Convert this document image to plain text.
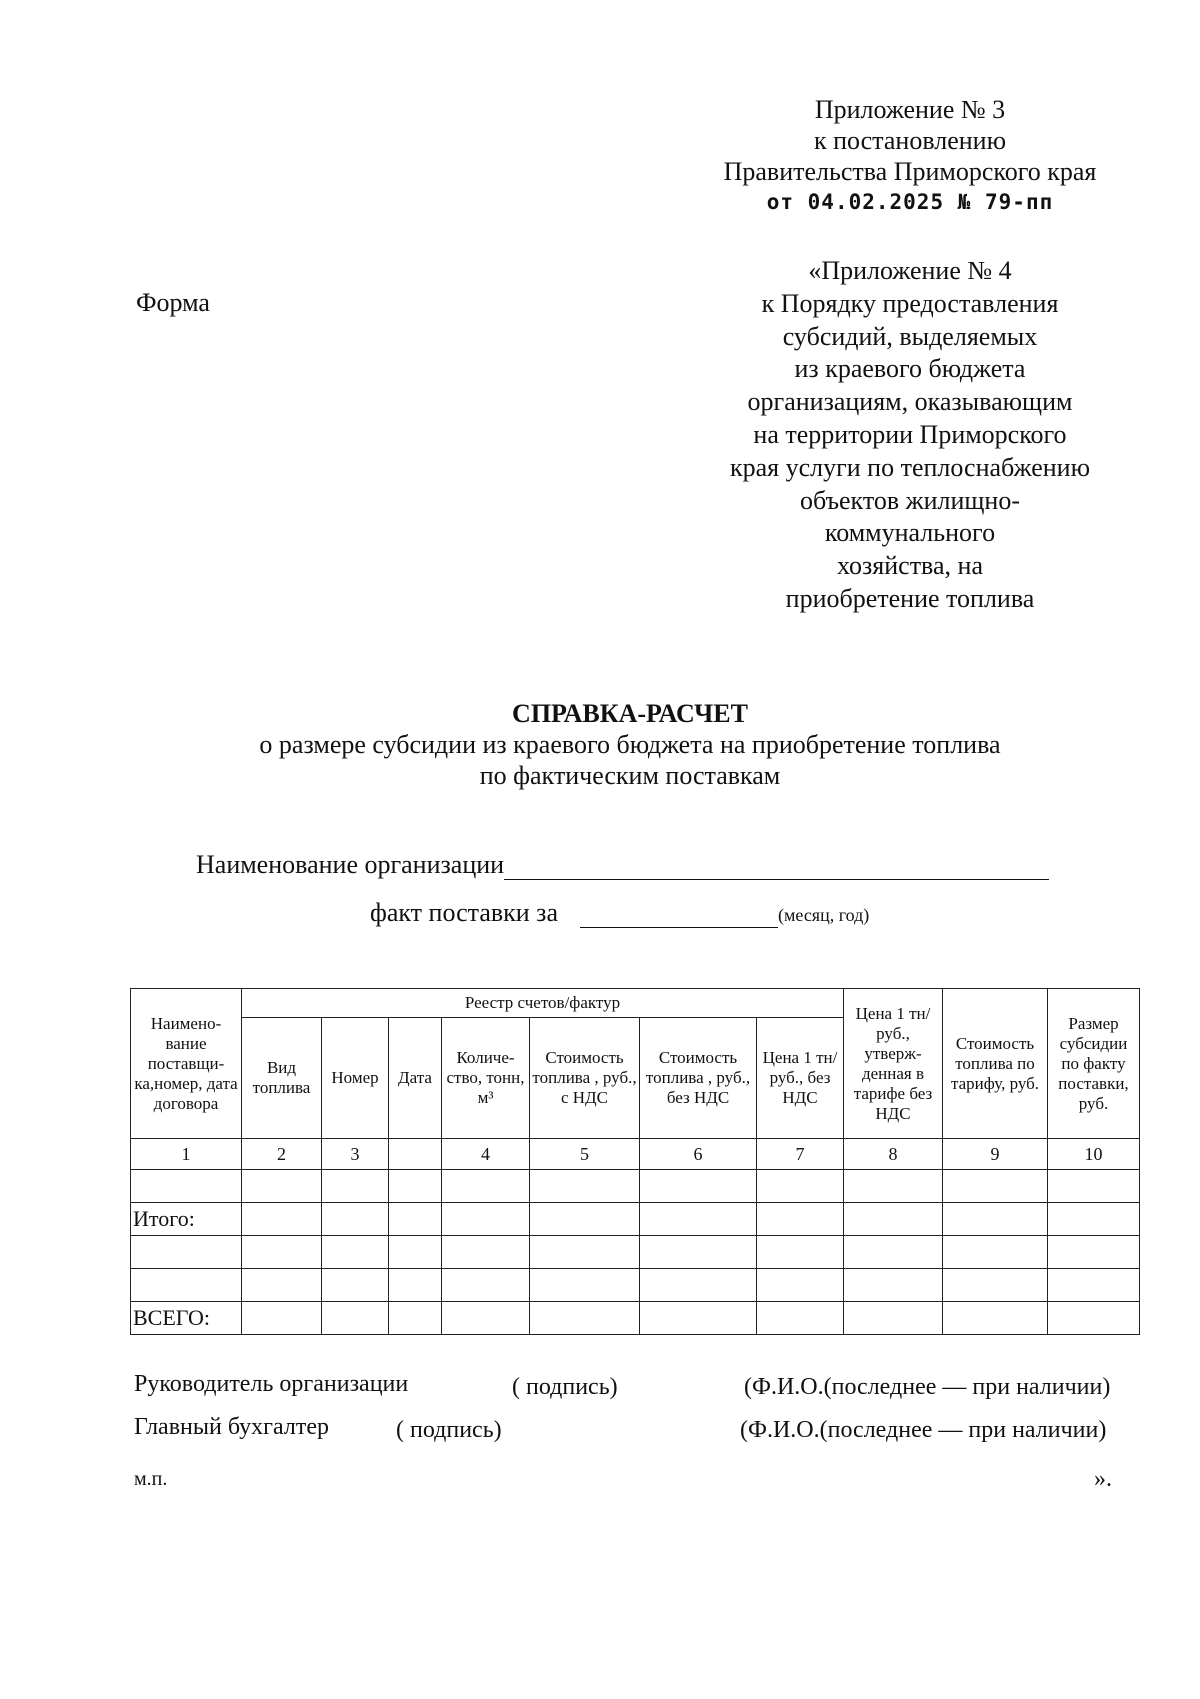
Приложение № 3
к постановлению
Правительства Приморского края
от 04.02.2025 № 79-пп
Форма
«Приложение № 4
к Порядку предоставления
субсидий, выделяемых
из краевого бюджета
организациям, оказывающим
на территории Приморского
края услуги по теплоснабжению
объектов жилищно-
коммунального
хозяйства, на
приобретение топлива
СПРАВКА-РАСЧЕТ
о размере субсидии из краевого бюджета на приобретение топлива
по фактическим поставкам
Наименование организации
факт поставки за	(месяц, год)
Наимено-вание поставщи-ка,номер, дата договора	Реестр счетов/фактур							Цена 1 тн/руб., утверж-денная в тарифе без НДС	Стоимость топлива по тарифу, руб.	Размер субсидии по факту поставки, руб.
	Вид топлива	Номер	Дата	Количе-ство, тонн, м³	Стоимость топлива , руб., с НДС	Стоимость топлива , руб., без НДС	Цена 1 тн/руб., без НДС			
1	2	3		4	5	6	7	8	9	10

Итого:										

ВСЕГО:										
Руководитель организации	( подпись)	(Ф.И.О.(последнее — при наличии)
Главный бухгалтер	( подпись)	(Ф.И.О.(последнее — при наличии)
м.п.	».
